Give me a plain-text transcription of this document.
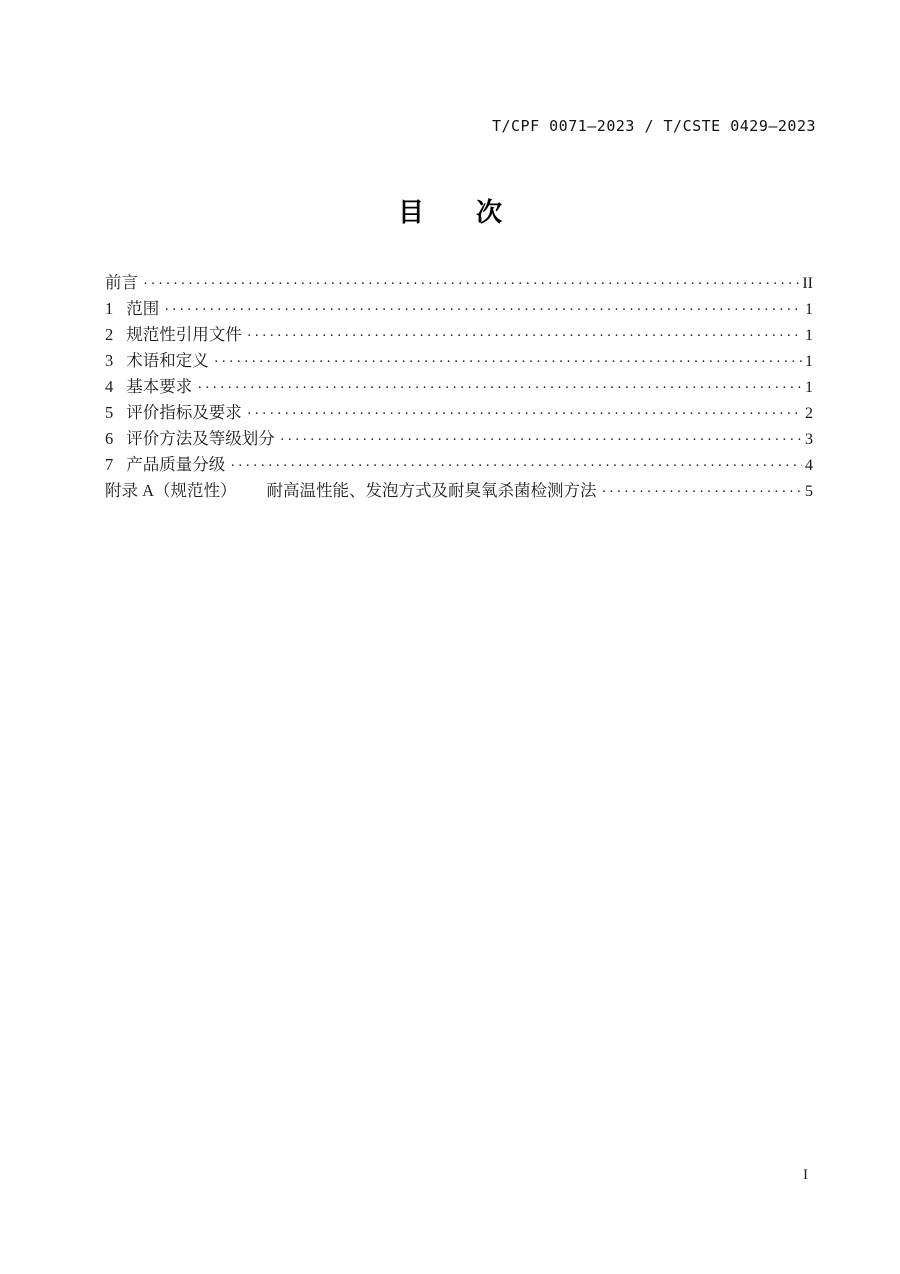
T/CPF 0071—2023 / T/CSTE 0429—2023
目　　次
前言 ·····	II
1 范围 ·····	1
2 规范性引用文件 ·····	1
3 术语和定义 ·····	1
4 基本要求 ·····	1
5 评价指标及要求 ·····	2
6 评价方法及等级划分 ·····	3
7 产品质量分级 ·····	4
附录 A（规范性） 耐高温性能、发泡方式及耐臭氧杀菌检测方法 ·····	5
I
